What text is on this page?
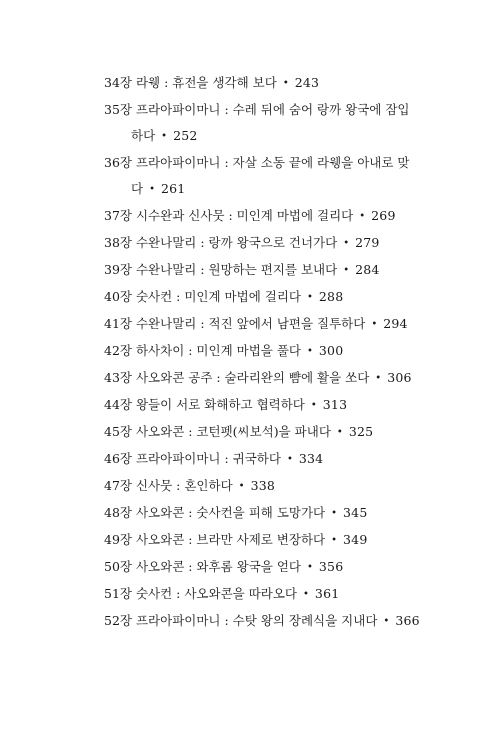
34장 라웽 : 휴전을 생각해 보다 • 243
35장 프라아파이마니 : 수레 뒤에 숨어 랑까 왕국에 잠입
하다 • 252
36장 프라아파이마니 : 자살 소동 끝에 라웽을 아내로 맞
다 • 261
37장 시수완과 신사뭇 : 미인계 마법에 걸리다 • 269
38장 수완나말리 : 랑까 왕국으로 건너가다 • 279
39장 수완나말리 : 원망하는 편지를 보내다 • 284
40장 숫사컨 : 미인계 마법에 걸리다 • 288
41장 수완나말리 : 적진 앞에서 남편을 질투하다 • 294
42장 하사차이 : 미인계 마법을 풀다 • 300
43장 사오와콘 공주 : 술라리완의 뺨에 활을 쏘다 • 306
44장 왕들이 서로 화해하고 협력하다 • 313
45장 사오와콘 : 코턴펫(씨보석)을 파내다 • 325
46장 프라아파이마니 : 귀국하다 • 334
47장 신사뭇 : 혼인하다 • 338
48장 사오와콘 : 숫사컨을 피해 도망가다 • 345
49장 사오와콘 : 브라만 사제로 변장하다 • 349
50장 사오와콘 : 와후롬 왕국을 얻다 • 356
51장 숫사컨 : 사오와콘을 따라오다 • 361
52장 프라아파이마니 : 수탓 왕의 장례식을 지내다 • 366
